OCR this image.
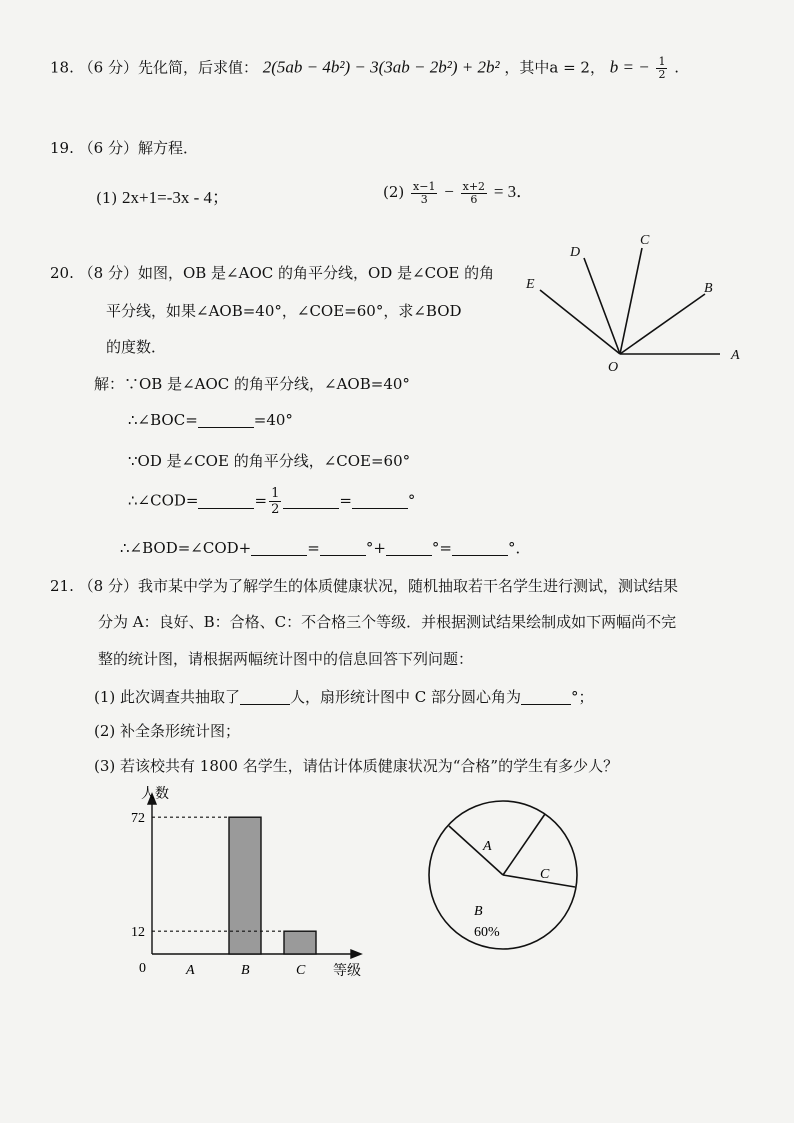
18. （6 分）先化简，后求值： 2(5ab − 4b²) − 3(3ab − 2b²) + 2b² ，其中a = 2， b = − $\frac{1}{2}$ .
19. （6 分）解方程．
(1) 2x+1=-3x - 4；	$(2) \frac{x-1}{3} - \frac{x+2}{6} = 3$．
20. （8 分）如图，OB 是∠AOC 的角平分线，OD 是∠COE 的角
平分线，如果∠AOB=40°，∠COE=60°，求∠BOD
的度数．	A
B
C
D
E
O
解：∵OB 是∠AOC 的角平分线，∠AOB=40°
∴∠BOC=	=40°
∵OD 是∠COE 的角平分线，∠COE=60°
∴∠COD=	= $\frac{1}{2}$	=	°
∴∠BOD=∠COD+	=	°+	°=	°．
21. （8 分）我市某中学为了解学生的体质健康状况，随机抽取若干名学生进行测试，测试结果
分为 A：良好、B：合格、C：不合格三个等级．并根据测试结果绘制成如下两幅尚不完
整的统计图，请根据两幅统计图中的信息回答下列问题：
(1) 此次调查共抽取了	人，扇形统计图中 C 部分圆心角为	°；
(2) 补全条形统计图；
(3) 若该校共有 1800 名学生，请估计体质健康状况为“合格”的学生有多少人？
人数
等级
A	B	C
0
12
72
A
C
B
60%
